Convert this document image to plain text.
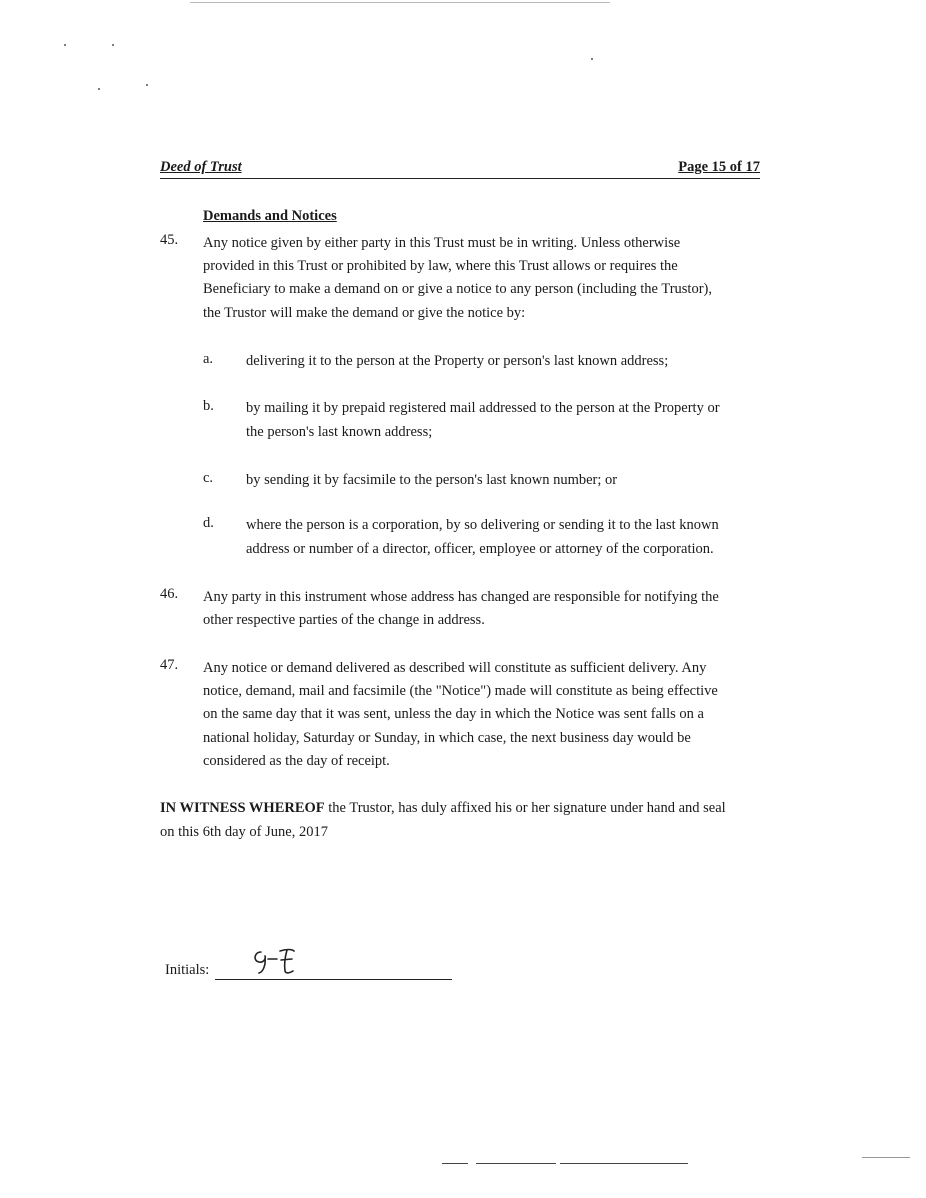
Deed of Trust	Page 15 of 17
Demands and Notices
45. Any notice given by either party in this Trust must be in writing. Unless otherwise
provided in this Trust or prohibited by law, where this Trust allows or requires the
Beneficiary to make a demand on or give a notice to any person (including the Trustor),
the Trustor will make the demand or give the notice by:
a. delivering it to the person at the Property or person's last known address;
b. by mailing it by prepaid registered mail addressed to the person at the Property or
the person's last known address;
c. by sending it by facsimile to the person's last known number; or
d. where the person is a corporation, by so delivering or sending it to the last known
address or number of a director, officer, employee or attorney of the corporation.
46. Any party in this instrument whose address has changed are responsible for notifying the
other respective parties of the change in address.
47. Any notice or demand delivered as described will constitute as sufficient delivery. Any
notice, demand, mail and facsimile (the "Notice") made will constitute as being effective
on the same day that it was sent, unless the day in which the Notice was sent falls on a
national holiday, Saturday or Sunday, in which case, the next business day would be
considered as the day of receipt.
IN WITNESS WHEREOF the Trustor, has duly affixed his or her signature under hand and seal
on this 6th day of June, 2017
Initials:
